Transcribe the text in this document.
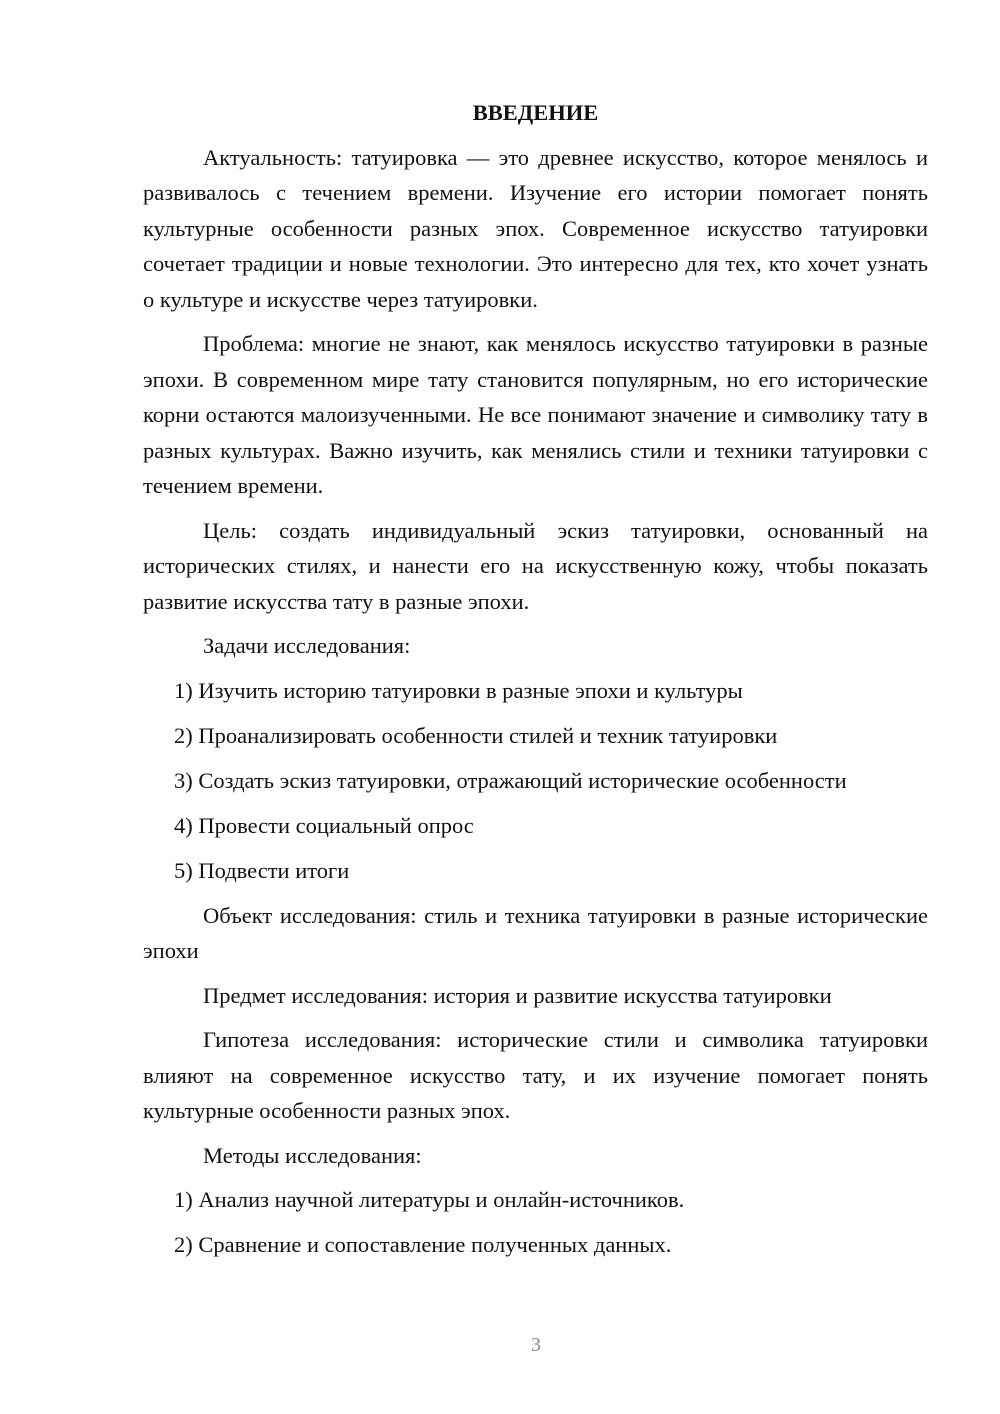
ВВЕДЕНИЕ

Актуальность: татуировка — это древнее искусство, которое менялось и развивалось с течением времени. Изучение его истории помогает понять культурные особенности разных эпох. Современное искусство татуировки сочетает традиции и новые технологии. Это интересно для тех, кто хочет узнать о культуре и искусстве через татуировки.

Проблема: многие не знают, как менялось искусство татуировки в разные эпохи. В современном мире тату становится популярным, но его исторические корни остаются малоизученными. Не все понимают значение и символику тату в разных культурах. Важно изучить, как менялись стили и техники татуировки с течением времени.

Цель: создать индивидуальный эскиз татуировки, основанный на исторических стилях, и нанести его на искусственную кожу, чтобы показать развитие искусства тату в разные эпохи.

Задачи исследования:

1) Изучить историю татуировки в разные эпохи и культуры
2) Проанализировать особенности стилей и техник татуировки
3) Создать эскиз татуировки, отражающий исторические особенности
4) Провести социальный опрос
5) Подвести итоги

Объект исследования: стиль и техника татуировки в разные исторические эпохи

Предмет исследования: история и развитие искусства татуировки

Гипотеза исследования: исторические стили и символика татуировки влияют на современное искусство тату, и их изучение помогает понять культурные особенности разных эпох.

Методы исследования:

1) Анализ научной литературы и онлайн-источников.
2) Сравнение и сопоставление полученных данных.
3
